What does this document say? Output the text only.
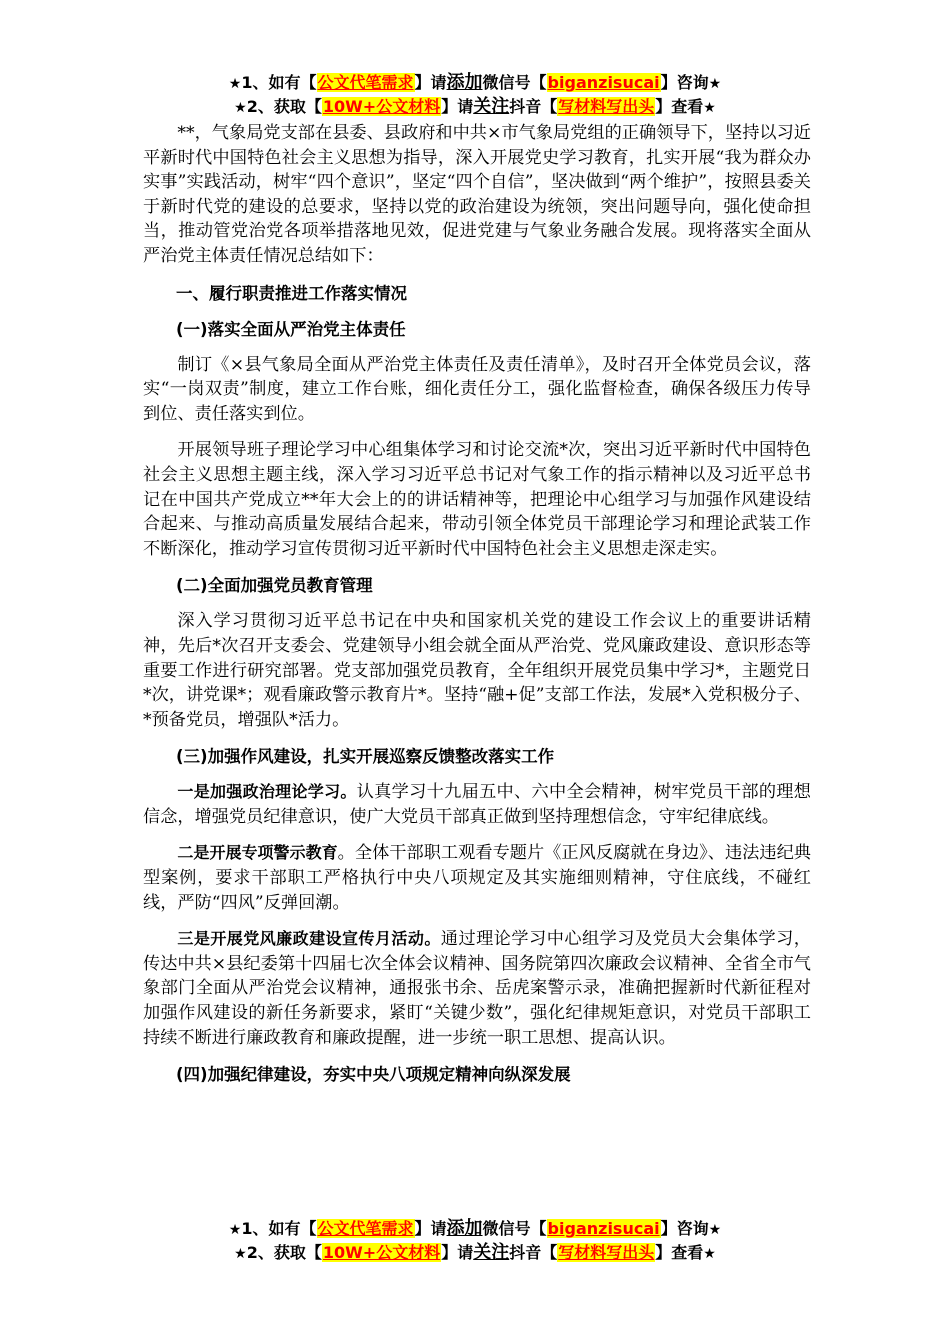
★1、如有【公文代笔需求】请添加微信号【biganzisucai】咨询★
★2、获取【10W+公文材料】请关注抖音【写材料写出头】查看★

**，气象局党支部在县委、县政府和中共×市气象局党组的正确领导下，坚持以习近平新时代中国特色社会主义思想为指导，深入开展党史学习教育，扎实开展“我为群众办实事”实践活动，树牢“四个意识”，坚定“四个自信”，坚决做到“两个维护”，按照县委关于新时代党的建设的总要求，坚持以党的政治建设为统领，突出问题导向，强化使命担当，推动管党治党各项举措落地见效，促进党建与气象业务融合发展。现将落实全面从严治党主体责任情况总结如下：

一、履行职责推进工作落实情况
(一)落实全面从严治党主体责任

制订《×县气象局全面从严治党主体责任及责任清单》，及时召开全体党员会议，落实“一岗双责”制度，建立工作台账，细化责任分工，强化监督检查，确保各级压力传导到位、责任落实到位。

开展领导班子理论学习中心组集体学习和讨论交流*次，突出习近平新时代中国特色社会主义思想主题主线，深入学习习近平总书记对气象工作的指示精神以及习近平总书记在中国共产党成立**年大会上的的讲话精神等，把理论中心组学习与加强作风建设结合起来、与推动高质量发展结合起来，带动引领全体党员干部理论学习和理论武装工作不断深化，推动学习宣传贯彻习近平新时代中国特色社会主义思想走深走实。

(二)全面加强党员教育管理

深入学习贯彻习近平总书记在中央和国家机关党的建设工作会议上的重要讲话精神，先后*次召开支委会、党建领导小组会就全面从严治党、党风廉政建设、意识形态等重要工作进行研究部署。党支部加强党员教育，全年组织开展党员集中学习*，主题党日*次，讲党课*；观看廉政警示教育片*。坚持“融+促”支部工作法，发展*入党积极分子、*预备党员，增强队*活力。

(三)加强作风建设，扎实开展巡察反馈整改落实工作

一是加强政治理论学习。认真学习十九届五中、六中全会精神，树牢党员干部的理想信念，增强党员纪律意识，使广大党员干部真正做到坚持理想信念，守牢纪律底线。

二是开展专项警示教育。全体干部职工观看专题片《正风反腐就在身边》、违法违纪典型案例，要求干部职工严格执行中央八项规定及其实施细则精神，守住底线，不碰红线，严防“四风”反弹回潮。

三是开展党风廉政建设宣传月活动。通过理论学习中心组学习及党员大会集体学习，传达中共×县纪委第十四届七次全体会议精神、国务院第四次廉政会议精神、全省全市气象部门全面从严治党会议精神，通报张书余、岳虎案警示录，准确把握新时代新征程对加强作风建设的新任务新要求，紧盯“关键少数”，强化纪律规矩意识，对党员干部职工持续不断进行廉政教育和廉政提醒，进一步统一职工思想、提高认识。

(四)加强纪律建设，夯实中央八项规定精神向纵深发展
★1、如有【公文代笔需求】请添加微信号【biganzisucai】咨询★
★2、获取【10W+公文材料】请关注抖音【写材料写出头】查看★
